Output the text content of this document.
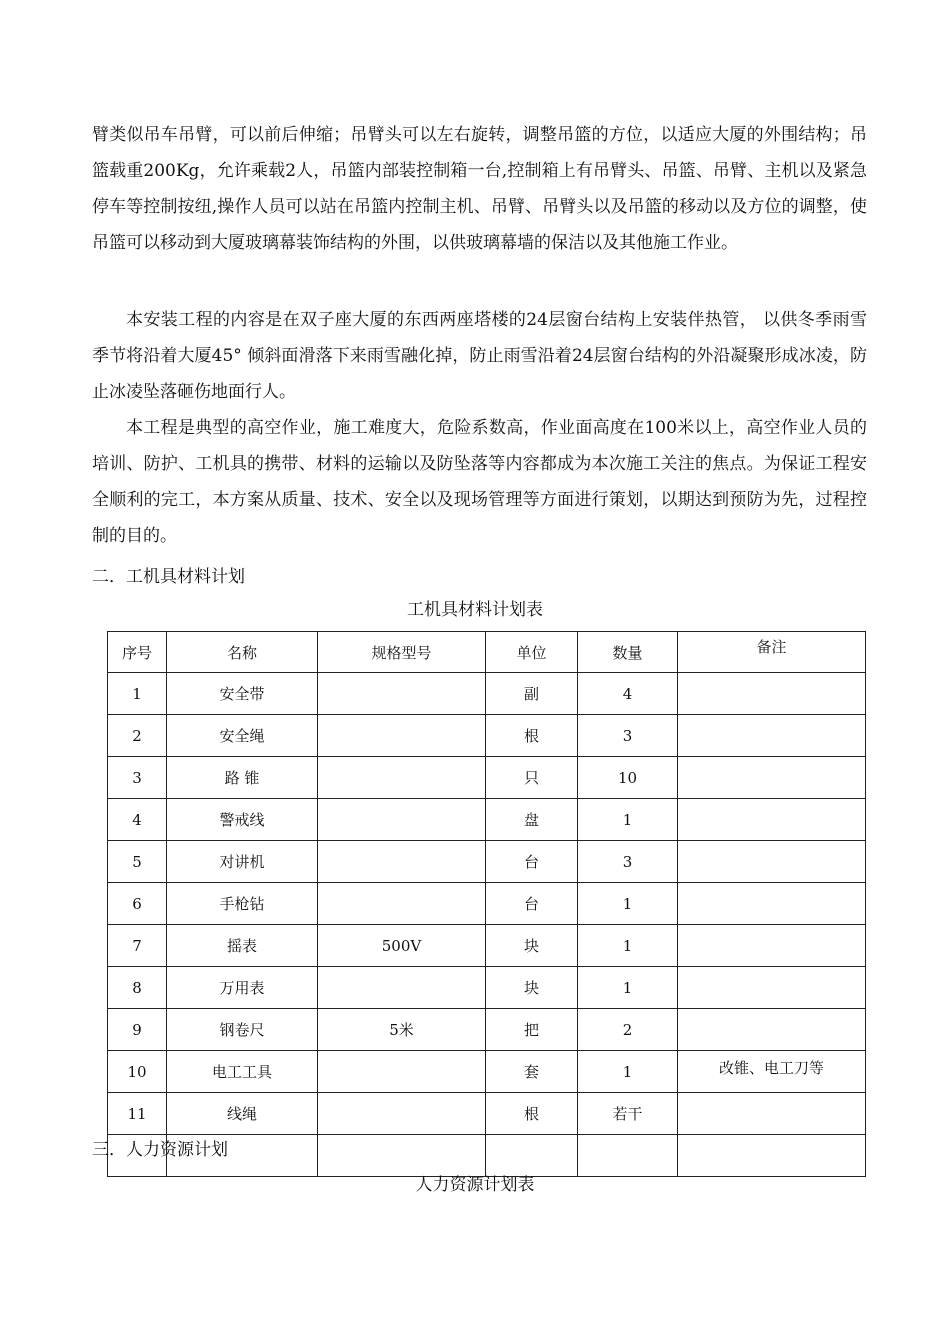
臂类似吊车吊臂，可以前后伸缩；吊臂头可以左右旋转，调整吊篮的方位，以适应大厦的外围结构；吊篮载重200Kg，允许乘载2人，吊篮内部装控制箱一台,控制箱上有吊臂头、吊篮、吊臂、主机以及紧急停车等控制按纽,操作人员可以站在吊篮内控制主机、吊臂、吊臂头以及吊篮的移动以及方位的调整，使吊篮可以移动到大厦玻璃幕装饰结构的外围，以供玻璃幕墙的保洁以及其他施工作业。

本安装工程的内容是在双子座大厦的东西两座塔楼的24层窗台结构上安装伴热管， 以供冬季雨雪季节将沿着大厦45° 倾斜面滑落下来雨雪融化掉，防止雨雪沿着24层窗台结构的外沿凝聚形成冰凌，防止冰凌坠落砸伤地面行人。

本工程是典型的高空作业，施工难度大，危险系数高，作业面高度在100米以上，高空作业人员的培训、防护、工机具的携带、材料的运输以及防坠落等内容都成为本次施工关注的焦点。为保证工程安全顺利的完工，本方案从质量、技术、安全以及现场管理等方面进行策划，以期达到预防为先，过程控制的目的。

二．工机具材料计划

工机具材料计划表

序号	名称	规格型号	单位	数量	备注
1	安全带		副	4	
2	安全绳		根	3	
3	路 锥		只	10	
4	警戒线		盘	1	
5	对讲机		台	3	
6	手枪钻		台	1	
7	摇表	500V	块	1	
8	万用表		块	1	
9	钢卷尺	5米	把	2	
10	电工工具		套	1	改锥、电工刀等
11	线绳		根	若干	

三．人力资源计划

人力资源计划表
